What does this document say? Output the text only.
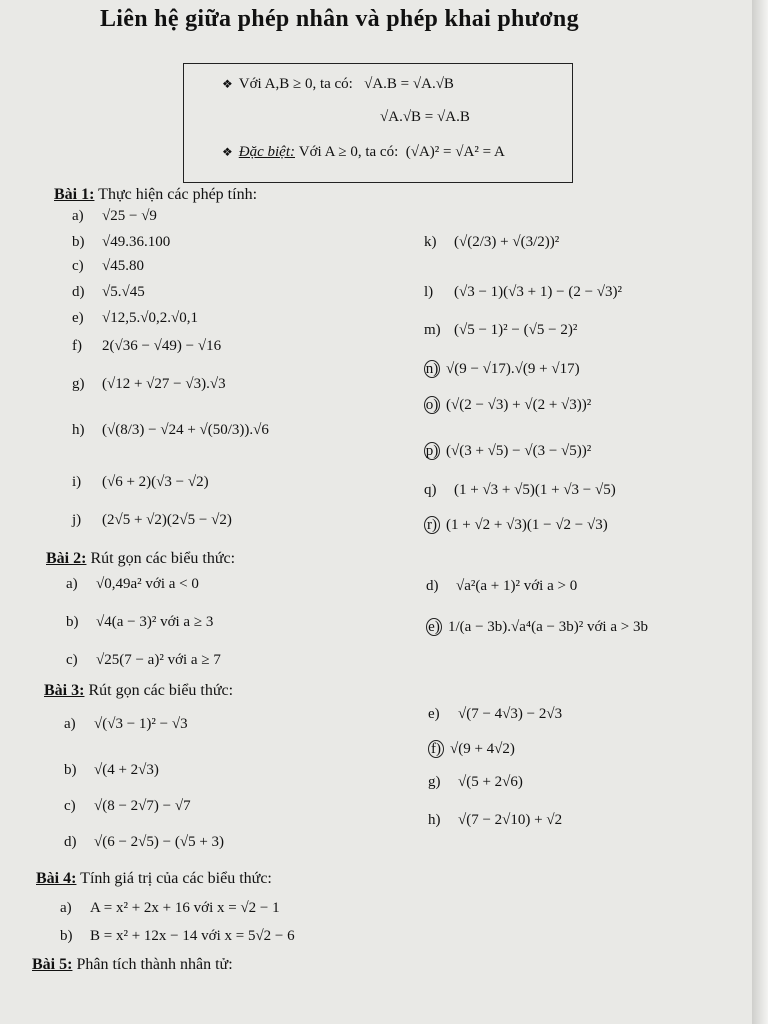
Liên hệ giữa phép nhân và phép khai phương
❖ Với A,B ≥ 0, ta có: √A.B = √A.√B
√A.√B = √A.B
❖ Đặc biệt: Với A ≥ 0, ta có: (√A)² = √A² = A
Bài 1: Thực hiện các phép tính:
a) √25 − √9
b) √49.36.100
c) √45.80
d) √5.√45
e) √12,5.√0,2.√0,1
f) 2(√36 − √49) − √16
g) (√12 + √27 − √3).√3
h) (√(8/3) − √24 + √(50/3)).√6
i) (√6 + 2)(√3 − √2)
j) (2√5 + √2)(2√5 − √2)
k) (√(2/3) + √(3/2))²
l) (√3 − 1)(√3 + 1) − (2 − √3)²
m) (√5 − 1)² − (√5 − 2)²
n) √(9 − √17).√(9 + √17)
o) (√(2 − √3) + √(2 + √3))²
p) (√(3 + √5) − √(3 − √5))²
q) (1 + √3 + √5)(1 + √3 − √5)
r) (1 + √2 + √3)(1 − √2 − √3)
Bài 2: Rút gọn các biểu thức:
a) √0,49a² với a < 0
b) √4(a − 3)² với a ≥ 3
c) √25(7 − a)² với a ≥ 7
d) √a²(a + 1)² với a > 0
e) 1/(a − 3b).√a⁴(a − 3b)² với a > 3b
Bài 3: Rút gọn các biểu thức:
a) √(√3 − 1)² − √3
b) √(4 + 2√3)
c) √(8 − 2√7) − √7
d) √(6 − 2√5) − (√5 + 3)
e) √(7 − 4√3) − 2√3
f) √(9 + 4√2)
g) √(5 + 2√6)
h) √(7 − 2√10) + √2
Bài 4: Tính giá trị của các biểu thức:
a) A = x² + 2x + 16 với x = √2 − 1
b) B = x² + 12x − 14 với x = 5√2 − 6
Bài 5: Phân tích thành nhân tử:
